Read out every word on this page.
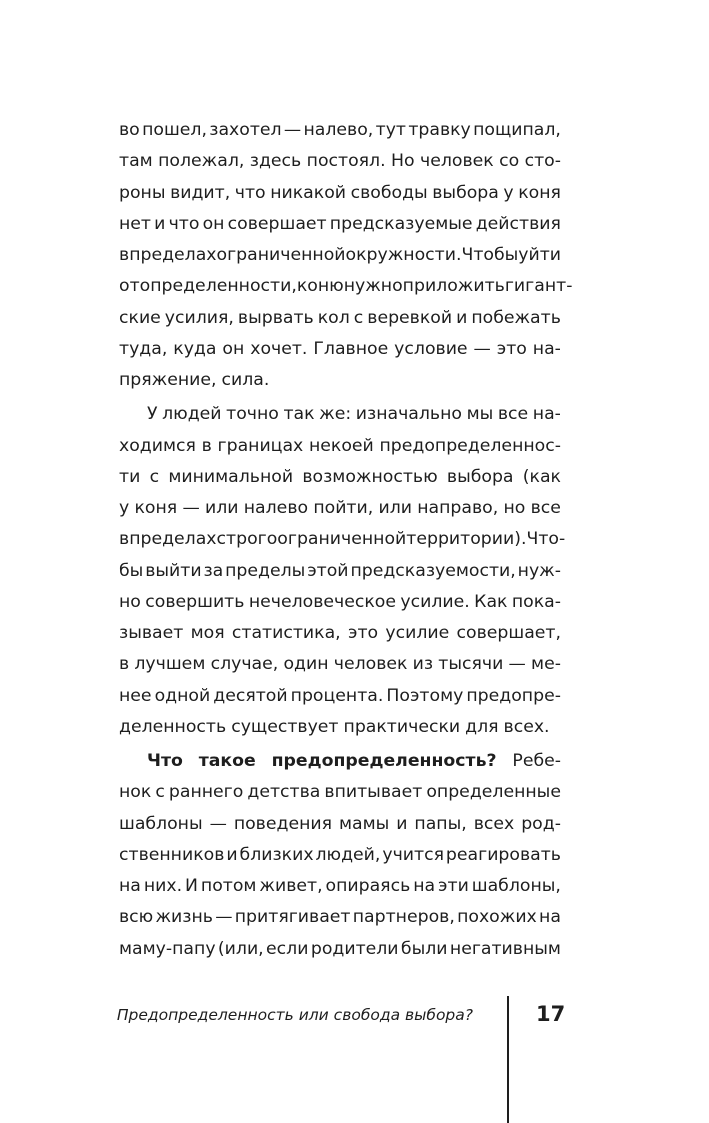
во пошел, захотел — налево, тут травку пощипал,
там полежал, здесь постоял. Но человек со сто-
роны видит, что никакой свободы выбора у коня
нет и что он совершает предсказуемые действия
в пределах ограниченной окружности. Чтобы уйти
от определенности, коню нужно приложить гигант-
ские усилия, вырвать кол с веревкой и побежать
туда, куда он хочет. Главное условие — это на-
пряжение, сила.
У людей точно так же: изначально мы все на-
ходимся в границах некоей предопределеннос-
ти с минимальной возможностью выбора (как
у коня — или налево пойти, или направо, но все
в пределах строго ограниченной территории). Что-
бы выйти за пределы этой предсказуемости, нуж-
но совершить нечеловеческое усилие. Как пока-
зывает моя статистика, это усилие совершает,
в лучшем случае, один человек из тысячи — ме-
нее одной десятой процента. Поэтому предопре-
деленность существует практически для всех.
Что такое предопределенность? Ребе-
нок с раннего детства впитывает определенные
шаблоны — поведения мамы и папы, всех род-
ственников и близких людей, учится реагировать
на них. И потом живет, опираясь на эти шаблоны,
всю жизнь — притягивает партнеров, похожих на
маму-папу (или, если родители были негативным
Предопределенность или свобода выбора?	17
